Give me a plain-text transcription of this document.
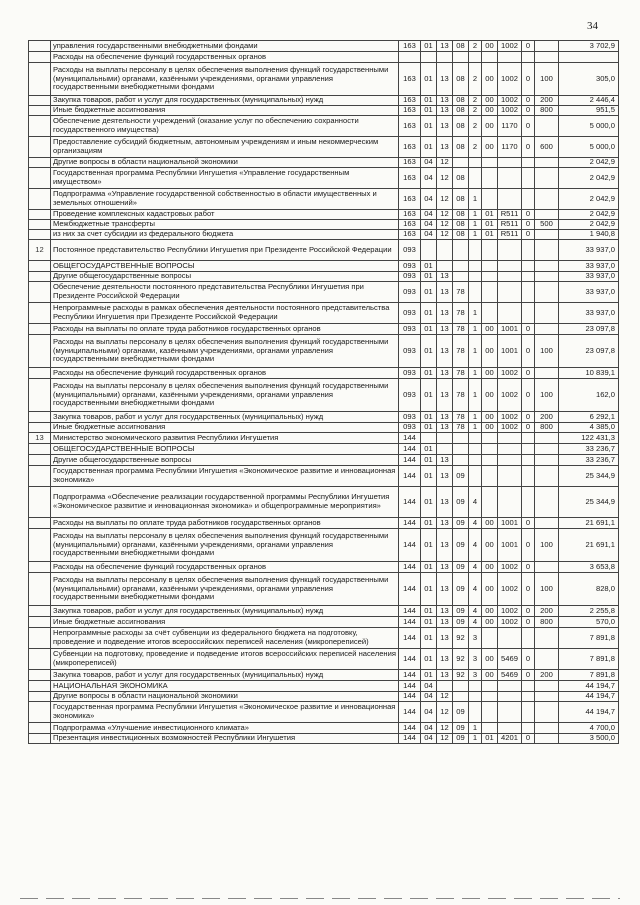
34
	управления государственными внебюджетными фондами	163	01	13	08	2	00	1002	0		3 702,9
	Расходы на обеспечение функций государственных органов										
	Расходы на выплаты персоналу в целях обеспечения выполнения функций государственными (муниципальными) органами, казёнными учреждениями, органами управления государственными внебюджетными фондами	163	01	13	08	2	00	1002	0	100	305,0
	Закупка товаров, работ и услуг для государственных (муниципальных) нужд	163	01	13	08	2	00	1002	0	200	2 446,4
	Иные бюджетные ассигнования	163	01	13	08	2	00	1002	0	800	951,5
	Обеспечение деятельности учреждений (оказание услуг по обеспечению сохранности государственного имущества)	163	01	13	08	2	00	1170	0		5 000,0
	Предоставление субсидий бюджетным, автономным учреждениям и иным некоммерческим организациям	163	01	13	08	2	00	1170	0	600	5 000,0
	Другие вопросы в области национальной экономики	163	04	12							2 042,9
	Государственная программа Республики Ингушетия «Управление государственным имуществом»	163	04	12	08						2 042,9
	Подпрограмма «Управление государственной собственностью в области имущественных и земельных отношений»	163	04	12	08	1					2 042,9
	Проведение комплексных кадастровых работ	163	04	12	08	1	01	R511	0		2 042,9
	Межбюджетные трансферты	163	04	12	08	1	01	R511	0	500	2 042,9
	из них за счет субсидии из федерального бюджета	163	04	12	08	1	01	R511	0		1 940,8
12	Постоянное представительство Республики Ингушетия при Президенте Российской Федерации	093									33 937,0
	ОБЩЕГОСУДАРСТВЕННЫЕ ВОПРОСЫ	093	01								33 937,0
	Другие общегосударственные вопросы	093	01	13							33 937,0
	Обеспечение деятельности постоянного представительства Республики Ингушетия при Президенте Российской Федерации	093	01	13	78						33 937,0
	Непрограммные расходы в рамках обеспечения деятельности постоянного представительства Республики Ингушетия при Президенте Российской Федерации	093	01	13	78	1					33 937,0
	Расходы на выплаты по оплате труда работников государственных органов	093	01	13	78	1	00	1001	0		23 097,8
	Расходы на выплаты персоналу в целях обеспечения выполнения функций государственными (муниципальными) органами, казёнными учреждениями, органами управления государственными внебюджетными фондами	093	01	13	78	1	00	1001	0	100	23 097,8
	Расходы на обеспечение функций государственных органов	093	01	13	78	1	00	1002	0		10 839,1
	Расходы на выплаты персоналу в целях обеспечения выполнения функций государственными (муниципальными) органами, казёнными учреждениями, органами управления государственными внебюджетными фондами	093	01	13	78	1	00	1002	0	100	162,0
	Закупка товаров, работ и услуг для государственных (муниципальных) нужд	093	01	13	78	1	00	1002	0	200	6 292,1
	Иные бюджетные ассигнования	093	01	13	78	1	00	1002	0	800	4 385,0
13	Министерство экономического развития Республики Ингушетия	144									122 431,3
	ОБЩЕГОСУДАРСТВЕННЫЕ ВОПРОСЫ	144	01								33 236,7
	Другие общегосударственные вопросы	144	01	13							33 236,7
	Государственная программа Республики Ингушетия «Экономическое развитие и инновационная экономика»	144	01	13	09						25 344,9
	Подпрограмма «Обеспечение реализации государственной программы Республики Ингушетия «Экономическое развитие и инновационная экономика» и общепрограммные мероприятия»	144	01	13	09	4					25 344,9
	Расходы на выплаты по оплате труда работников государственных органов	144	01	13	09	4	00	1001	0		21 691,1
	Расходы на выплаты персоналу в целях обеспечения выполнения функций государственными (муниципальными) органами, казёнными учреждениями, органами управления государственными внебюджетными фондами	144	01	13	09	4	00	1001	0	100	21 691,1
	Расходы на обеспечение функций государственных органов	144	01	13	09	4	00	1002	0		3 653,8
	Расходы на выплаты персоналу в целях обеспечения выполнения функций государственными (муниципальными) органами, казёнными учреждениями, органами управления государственными внебюджетными фондами	144	01	13	09	4	00	1002	0	100	828,0
	Закупка товаров, работ и услуг для государственных (муниципальных) нужд	144	01	13	09	4	00	1002	0	200	2 255,8
	Иные бюджетные ассигнования	144	01	13	09	4	00	1002	0	800	570,0
	Непрограммные расходы за счёт субвенции из федерального бюджета на подготовку, проведение и подведение итогов всероссийских переписей населения (микропереписей)	144	01	13	92	3					7 891,8
	Субвенции на подготовку, проведение и подведение итогов всероссийских переписей населения (микропереписей)	144	01	13	92	3	00	5469	0		7 891,8
	Закупка товаров, работ и услуг для государственных (муниципальных) нужд	144	01	13	92	3	00	5469	0	200	7 891,8
	НАЦИОНАЛЬНАЯ ЭКОНОМИКА	144	04								44 194,7
	Другие вопросы в области национальной экономики	144	04	12							44 194,7
	Государственная программа Республики Ингушетия «Экономическое развитие и инновационная экономика»	144	04	12	09						44 194,7
	Подпрограмма «Улучшение инвестиционного климата»	144	04	12	09	1					4 700,0
	Презентация инвестиционных возможностей Республики Ингушетия	144	04	12	09	1	01	4201	0		3 500,0
